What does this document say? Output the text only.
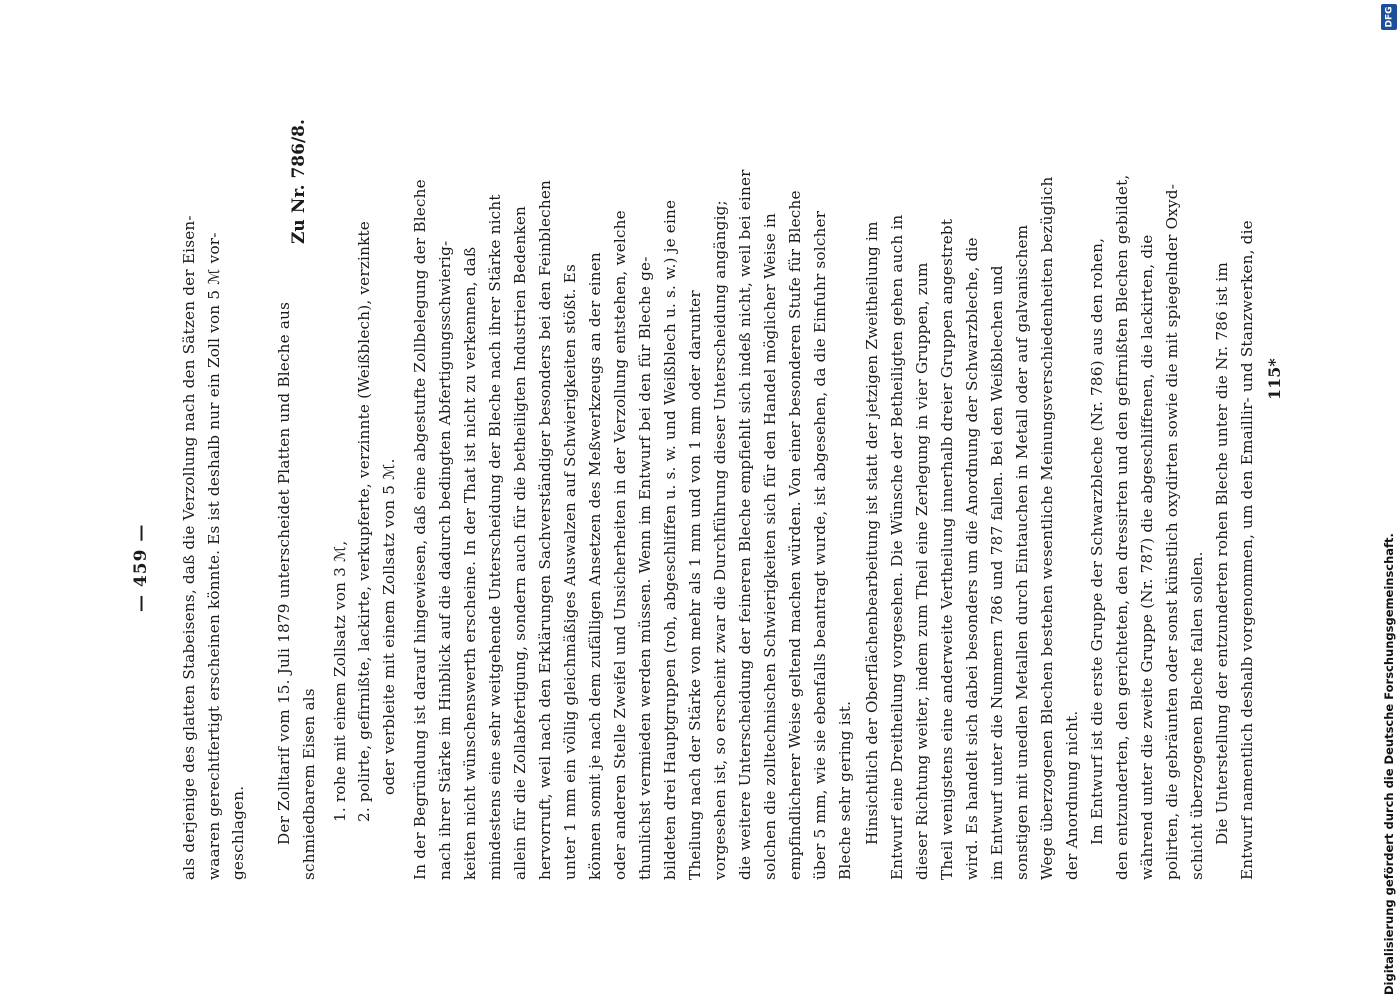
— 459 —
Zu Nr. 786/8.
als derjenige des glatten Stabeisens, daß die Verzollung nach den Sätzen der Eisen- waaren gerechtfertigt erscheinen könnte. Es ist deshalb nur ein Zoll von 5 ℳ vor- geschlagen. Der Zolltarif vom 15. Juli 1879 unterscheidet Platten und Bleche aus schmiedbarem Eisen als 1. rohe mit einem Zollsatz von 3 ℳ, 2. polirte, gefirnißte, lackirte, verkupferte, verzinnte (Weißblech), verzinkte oder verbleite mit einem Zollsatz von 5 ℳ. In der Begründung ist darauf hingewiesen, daß eine abgestufte Zollbelegung der Bleche nach ihrer Stärke im Hinblick auf die dadurch bedingten Abfertigungsschwierig- keiten nicht wünschenswerth erscheine. In der That ist nicht zu verkennen, daß mindestens eine sehr weitgehende Unterscheidung der Bleche nach ihrer Stärke nicht allein für die Zollabfertigung, sondern auch für die betheiligten Industrien Bedenken hervorruft, weil nach den Erklärungen Sachverständiger besonders bei den Feinblechen unter 1 mm ein völlig gleichmäßiges Auswalzen auf Schwierigkeiten stößt. Es können somit je nach dem zufälligen Ansetzen des Meßwerkzeugs an der einen oder anderen Stelle Zweifel und Unsicherheiten in der Verzollung entstehen, welche thunlichst vermieden werden müssen. Wenn im Entwurf bei den für Bleche ge- bildeten drei Hauptgruppen (roh, abgeschliffen u. s. w. und Weißblech u. s. w.) je eine Theilung nach der Stärke von mehr als 1 mm und von 1 mm oder darunter vorgesehen ist, so erscheint zwar die Durchführung dieser Unterscheidung angängig; die weitere Unterscheidung der feineren Bleche empfiehlt sich indeß nicht, weil bei einer solchen die zolltechnischen Schwierigkeiten sich für den Handel möglicher Weise in empfindlicherer Weise geltend machen würden. Von einer besonderen Stufe für Bleche über 5 mm, wie sie ebenfalls beantragt wurde, ist abgesehen, da die Einfuhr solcher Bleche sehr gering ist. Hinsichtlich der Oberflächenbearbeitung ist statt der jetzigen Zweitheilung im Entwurf eine Dreitheilung vorgesehen. Die Wünsche der Betheiligten gehen auch in dieser Richtung weiter, indem zum Theil eine Zerlegung in vier Gruppen, zum Theil wenigstens eine anderweite Vertheilung innerhalb dreier Gruppen angestrebt wird. Es handelt sich dabei besonders um die Anordnung der Schwarzbleche, die im Entwurf unter die Nummern 786 und 787 fallen. Bei den Weißblechen und sonstigen mit unedlen Metallen durch Eintauchen in Metall oder auf galvanischem Wege überzogenen Blechen bestehen wesentliche Meinungsverschiedenheiten bezüglich der Anordnung nicht. Im Entwurf ist die erste Gruppe der Schwarzbleche (Nr. 786) aus den rohen, den entzunderten, den gerichteten, den dressirten und den gefirnißten Blechen gebildet, während unter die zweite Gruppe (Nr. 787) die abgeschliffenen, die lackirten, die polirten, die gebräunten oder sonst künstlich oxydirten sowie die mit spiegelnder Oxyd- schicht überzogenen Bleche fallen sollen. Die Unterstellung der entzunderten rohen Bleche unter die Nr. 786 ist im Entwurf namentlich deshalb vorgenommen, um den Emaillir- und Stanzwerken, die 115*
Digitalisierung gefördert durch die Deutsche Forschungsgemeinschaft.
DFG
